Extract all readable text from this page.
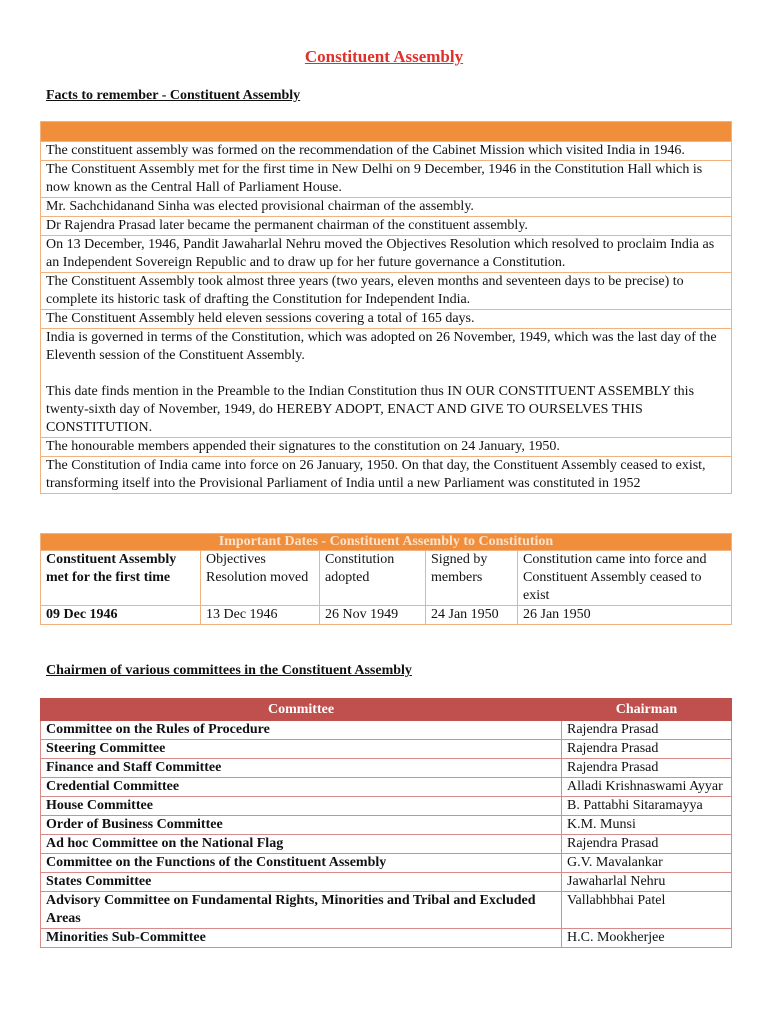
Constituent Assembly
Facts to remember - Constituent Assembly

The constituent assembly was formed on the recommendation of the Cabinet Mission which visited India in 1946.

The Constituent Assembly met for the first time in New Delhi on 9 December, 1946 in the Constitution Hall which is now known as the Central Hall of Parliament House.

Mr. Sachchidanand Sinha was elected provisional chairman of the assembly.

Dr Rajendra Prasad later became the permanent chairman of the constituent assembly.

On 13 December, 1946, Pandit Jawaharlal Nehru moved the Objectives Resolution which resolved to proclaim India as an Independent Sovereign Republic and to draw up for her future governance a Constitution.

The Constituent Assembly took almost three years (two years, eleven months and seventeen days to be precise) to complete its historic task of drafting the Constitution for Independent India.

The Constituent Assembly held eleven sessions covering a total of 165 days.

India is governed in terms of the Constitution, which was adopted on 26 November, 1949, which was the last day of the Eleventh session of the Constituent Assembly.

This date finds mention in the Preamble to the Indian Constitution thus IN OUR CONSTITUENT ASSEMBLY this twenty-sixth day of November, 1949, do HEREBY ADOPT, ENACT AND GIVE TO OURSELVES THIS CONSTITUTION.

The honourable members appended their signatures to the constitution on 24 January, 1950.

The Constitution of India came into force on 26 January, 1950. On that day, the Constituent Assembly ceased to exist, transforming itself into the Provisional Parliament of India until a new Parliament was constituted in 1952

Important Dates - Constituent Assembly to Constitution				
Constituent Assembly met for the first time	Objectives Resolution moved	Constitution adopted	Signed by members	Constitution came into force and Constituent Assembly ceased to exist
09 Dec 1946	13 Dec 1946	26 Nov 1949	24 Jan 1950	26 Jan 1950
Chairmen of various committees in the Constituent Assembly
Committee	Chairman
Committee on the Rules of Procedure	Rajendra Prasad
Steering Committee	Rajendra Prasad
Finance and Staff Committee	Rajendra Prasad
Credential Committee	Alladi Krishnaswami Ayyar
House Committee	B. Pattabhi Sitaramayya
Order of Business Committee	K.M. Munsi
Ad hoc Committee on the National Flag	Rajendra Prasad
Committee on the Functions of the Constituent Assembly	G.V. Mavalankar
States Committee	Jawaharlal Nehru
Advisory Committee on Fundamental Rights, Minorities and Tribal and Excluded Areas	Vallabhbhai Patel
Minorities Sub-Committee	H.C. Mookherjee
